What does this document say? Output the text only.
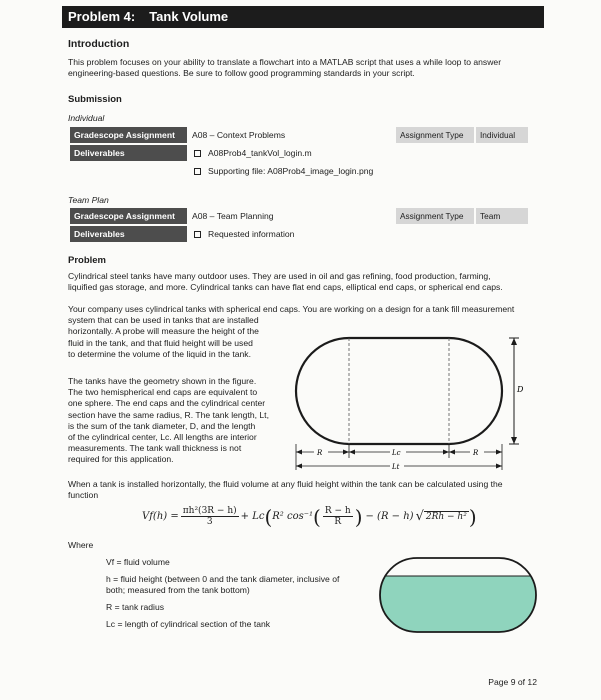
Problem 4: Tank Volume
Introduction
This problem focuses on your ability to translate a flowchart into a MATLAB script that uses a while loop to answer
engineering-based questions. Be sure to follow good programming standards in your script.
Submission
Individual
Gradescope Assignment	A08 – Context Problems	Assignment Type	Individual
Deliverables	A08Prob4_tankVol_login.m
Supporting file: A08Prob4_image_login.png
Team Plan
Gradescope Assignment	A08 – Team Planning	Assignment Type	Team
Deliverables	Requested information
Problem
Cylindrical steel tanks have many outdoor uses. They are used in oil and gas refining, food production, farming,
liquified gas storage, and more. Cylindrical tanks can have flat end caps, elliptical end caps, or spherical end caps.
Your company uses cylindrical tanks with spherical end caps. You are working on a design for a tank fill measurement
system that can be used in tanks that are installed
horizontally. A probe will measure the height of the
fluid in the tank, and that fluid height will be used
to determine the volume of the liquid in the tank.
The tanks have the geometry shown in the figure.
The two hemispherical end caps are equivalent to
one sphere. The end caps and the cylindrical center
section have the same radius, R. The tank length, Lt,
is the sum of the tank diameter, D, and the length
of the cylindrical center, Lc. All lengths are interior
measurements. The tank wall thickness is not
required for this application.
D
R	Lc	R
Lt
When a tank is installed horizontally, the fluid volume at any fluid height within the tank can be calculated using the
function
$Vf(h) = \frac{\text{πh²(3R − h)}}{3} + Lc$ ( R² cos⁻¹ ( $\frac{R - h}{R}$ ) − (R − h) √ 2Rh − h² )
Where
Vf = fluid volume
h = fluid height (between 0 and the tank diameter, inclusive of
both; measured from the tank bottom)
R = tank radius
Lc = length of cylindrical section of the tank
Page 9 of 12
